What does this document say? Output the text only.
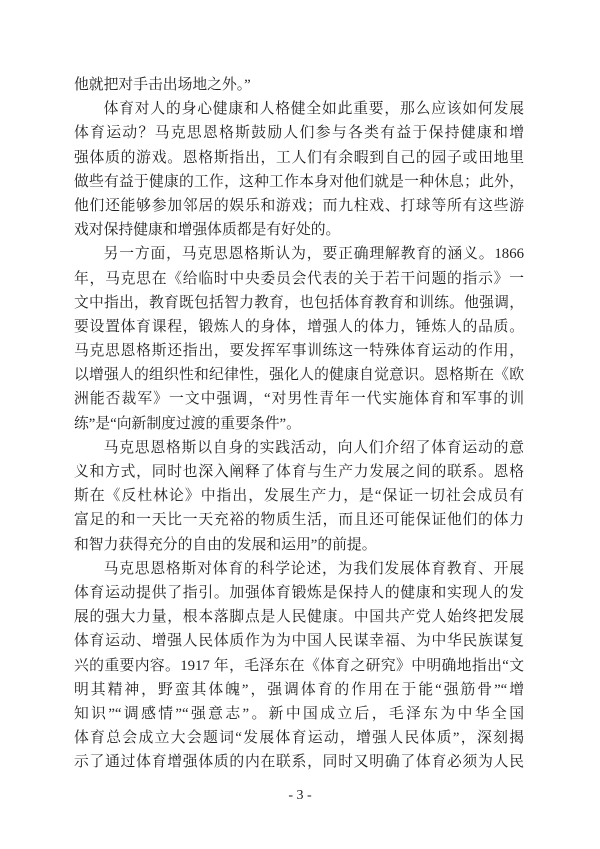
他就把对手击出场地之外。”
体育对人的身心健康和人格健全如此重要，那么应该如何发展
体育运动？马克思恩格斯鼓励人们参与各类有益于保持健康和增
强体质的游戏。恩格斯指出，工人们有余暇到自己的园子或田地里
做些有益于健康的工作，这种工作本身对他们就是一种休息；此外，
他们还能够参加邻居的娱乐和游戏；而九柱戏、打球等所有这些游
戏对保持健康和增强体质都是有好处的。
另一方面，马克思恩格斯认为，要正确理解教育的涵义。1866
年，马克思在《给临时中央委员会代表的关于若干问题的指示》一
文中指出，教育既包括智力教育，也包括体育教育和训练。他强调，
要设置体育课程，锻炼人的身体，增强人的体力，锤炼人的品质。
马克思恩格斯还指出，要发挥军事训练这一特殊体育运动的作用，
以增强人的组织性和纪律性，强化人的健康自觉意识。恩格斯在《欧
洲能否裁军》一文中强调，“对男性青年一代实施体育和军事的训
练”是“向新制度过渡的重要条件”。
马克思恩格斯以自身的实践活动，向人们介绍了体育运动的意
义和方式，同时也深入阐释了体育与生产力发展之间的联系。恩格
斯在《反杜林论》中指出，发展生产力，是“保证一切社会成员有
富足的和一天比一天充裕的物质生活，而且还可能保证他们的体力
和智力获得充分的自由的发展和运用”的前提。
马克思恩格斯对体育的科学论述，为我们发展体育教育、开展
体育运动提供了指引。加强体育锻炼是保持人的健康和实现人的发
展的强大力量，根本落脚点是人民健康。中国共产党人始终把发展
体育运动、增强人民体质作为为中国人民谋幸福、为中华民族谋复
兴的重要内容。1917 年，毛泽东在《体育之研究》中明确地指出“文
明其精神，野蛮其体魄”，强调体育的作用在于能“强筋骨”“增
知识”“调感情”“强意志”。新中国成立后，毛泽东为中华全国
体育总会成立大会题词“发展体育运动，增强人民体质”，深刻揭
示了通过体育增强体质的内在联系，同时又明确了体育必须为人民
- 3 -
